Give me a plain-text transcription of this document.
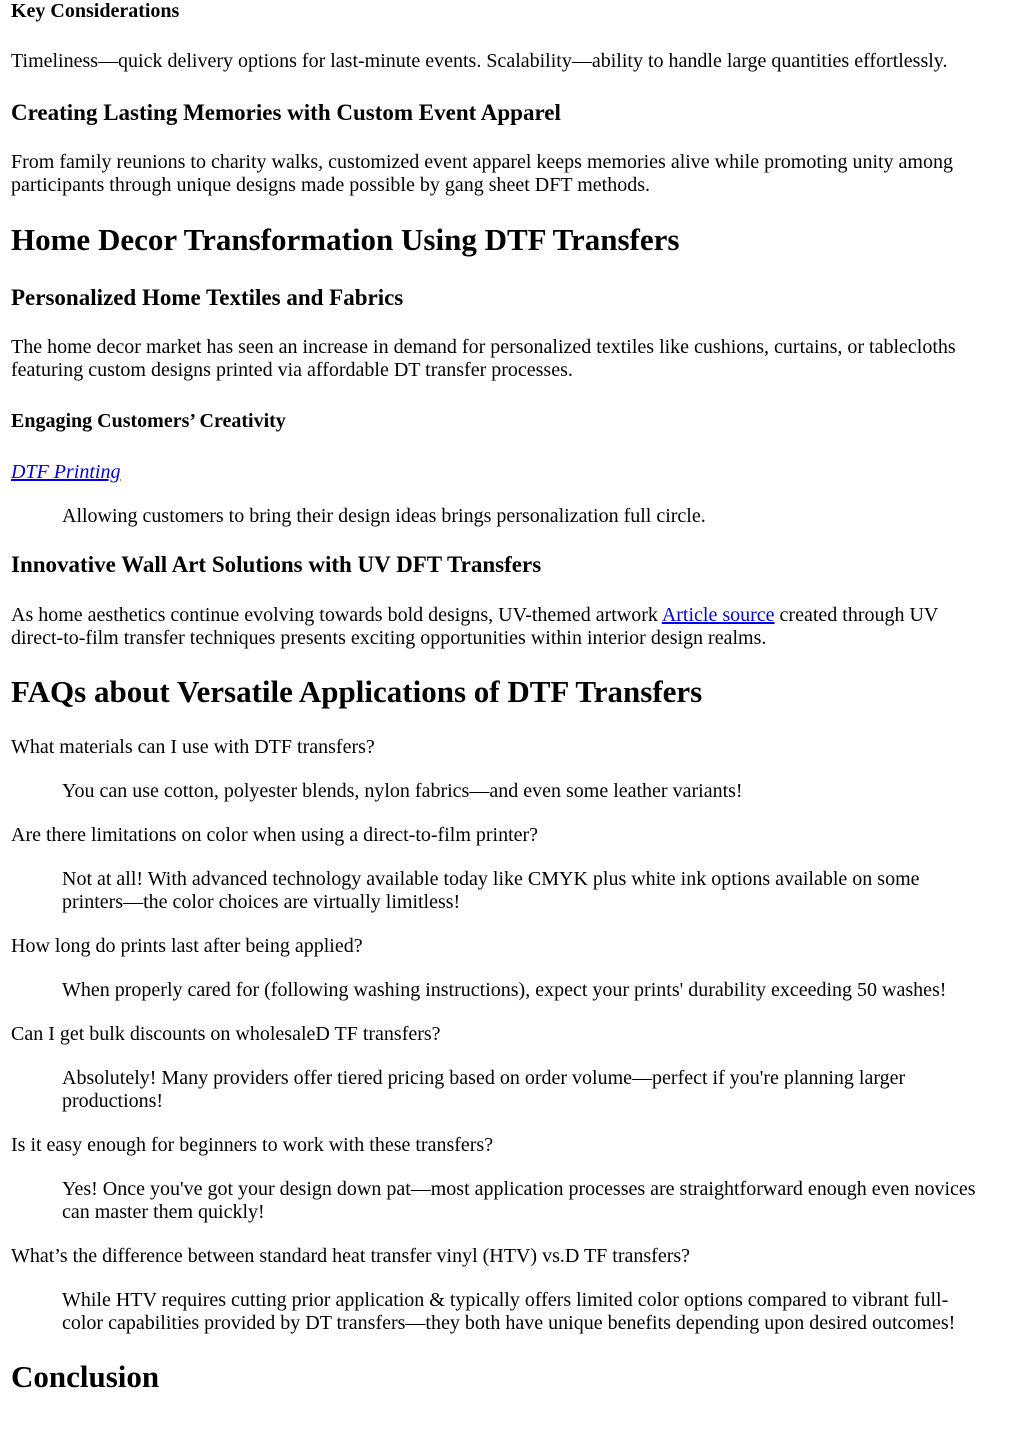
Key Considerations
Timeliness—quick delivery options for last-minute events. Scalability—ability to handle large quantities effortlessly.
Creating Lasting Memories with Custom Event Apparel
From family reunions to charity walks, customized event apparel keeps memories alive while promoting unity among
participants through unique designs made possible by gang sheet DFT methods.
Home Decor Transformation Using DTF Transfers
Personalized Home Textiles and Fabrics
The home decor market has seen an increase in demand for personalized textiles like cushions, curtains, or tablecloths
featuring custom designs printed via affordable DT transfer processes.
Engaging Customers’ Creativity
DTF Printing
Allowing customers to bring their design ideas brings personalization full circle.
Innovative Wall Art Solutions with UV DFT Transfers
As home aesthetics continue evolving towards bold designs, UV-themed artwork Article source created through UV
direct-to-film transfer techniques presents exciting opportunities within interior design realms.
FAQs about Versatile Applications of DTF Transfers
What materials can I use with DTF transfers?
You can use cotton, polyester blends, nylon fabrics—and even some leather variants!
Are there limitations on color when using a direct-to-film printer?
Not at all! With advanced technology available today like CMYK plus white ink options available on some
printers—the color choices are virtually limitless!
How long do prints last after being applied?
When properly cared for (following washing instructions), expect your prints' durability exceeding 50 washes!
Can I get bulk discounts on wholesaleD TF transfers?
Absolutely! Many providers offer tiered pricing based on order volume—perfect if you're planning larger
productions!
Is it easy enough for beginners to work with these transfers?
Yes! Once you've got your design down pat—most application processes are straightforward enough even novices
can master them quickly!
What’s the difference between standard heat transfer vinyl (HTV) vs.D TF transfers?
While HTV requires cutting prior application & typically offers limited color options compared to vibrant full-
color capabilities provided by DT transfers—they both have unique benefits depending upon desired outcomes!
Conclusion
